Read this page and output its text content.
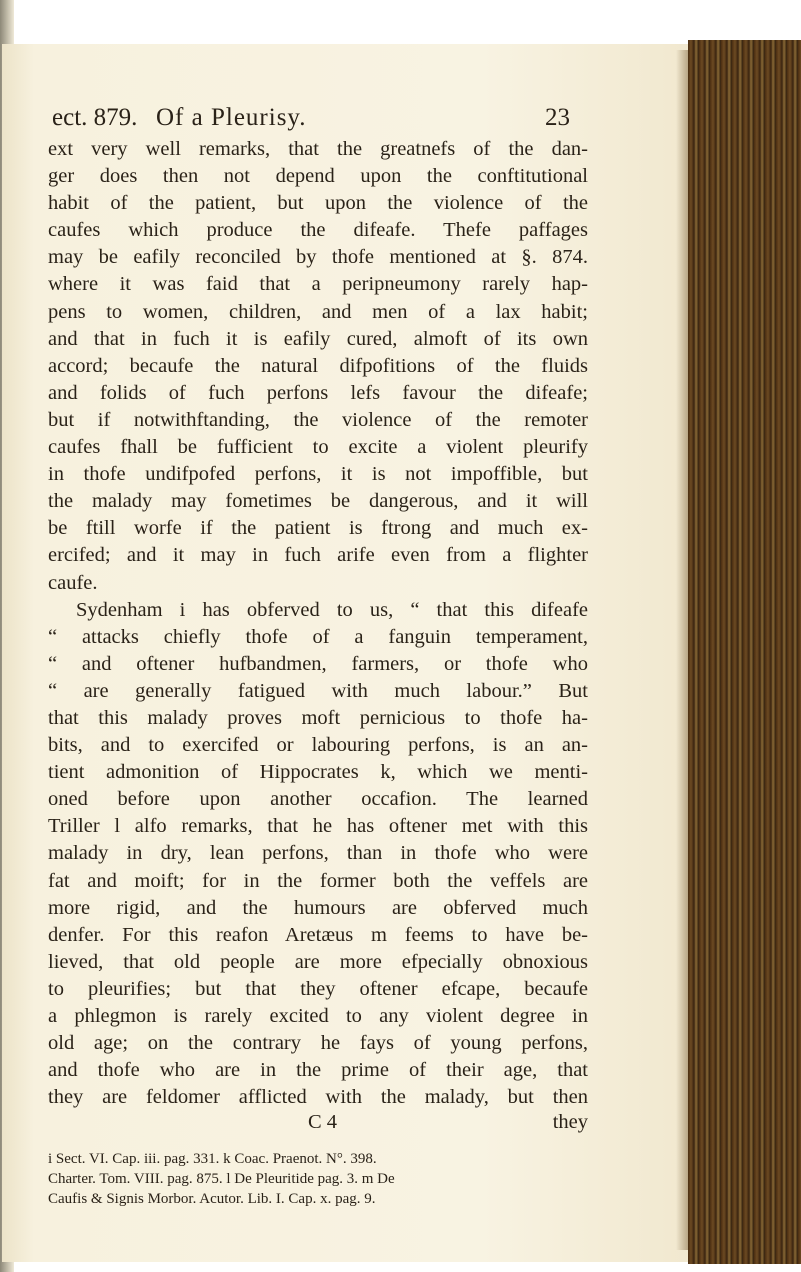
ect. 879. Of a Pleurisy.	23
ext very well remarks, that the greatnefs of the dan-
ger does then not depend upon the conftitutional
habit of the patient, but upon the violence of the
caufes which produce the difeafe. Thefe paffages
may be eafily reconciled by thofe mentioned at §. 874.
where it was faid that a peripneumony rarely hap-
pens to women, children, and men of a lax habit;
and that in fuch it is eafily cured, almoft of its own
accord; becaufe the natural difpofitions of the fluids
and folids of fuch perfons lefs favour the difeafe;
but if notwithftanding, the violence of the remoter
caufes fhall be fufficient to excite a violent pleurify
in thofe undifpofed perfons, it is not impoffible, but
the malady may fometimes be dangerous, and it will
be ftill worfe if the patient is ftrong and much ex-
ercifed; and it may in fuch arife even from a flighter
caufe.
Sydenham i has obferved to us, “ that this difeafe
“ attacks chiefly thofe of a fanguin temperament,
“ and oftener hufbandmen, farmers, or thofe who
“ are generally fatigued with much labour.” But
that this malady proves moft pernicious to thofe ha-
bits, and to exercifed or labouring perfons, is an an-
tient admonition of Hippocrates k, which we menti-
oned before upon another occafion. The learned
Triller l alfo remarks, that he has oftener met with this
malady in dry, lean perfons, than in thofe who were
fat and moift; for in the former both the veffels are
more rigid, and the humours are obferved much
denfer. For this reafon Aretæus m feems to have be-
lieved, that old people are more efpecially obnoxious
to pleurifies; but that they oftener efcape, becaufe
a phlegmon is rarely excited to any violent degree in
old age; on the contrary he fays of young perfons,
and thofe who are in the prime of their age, that
they are feldomer afflicted with the malady, but then
C 4	they
i Sect. VI. Cap. iii. pag. 331. k Coac. Praenot. N°. 398.
Charter. Tom. VIII. pag. 875. l De Pleuritide pag. 3. m De
Caufis & Signis Morbor. Acutor. Lib. I. Cap. x. pag. 9.
